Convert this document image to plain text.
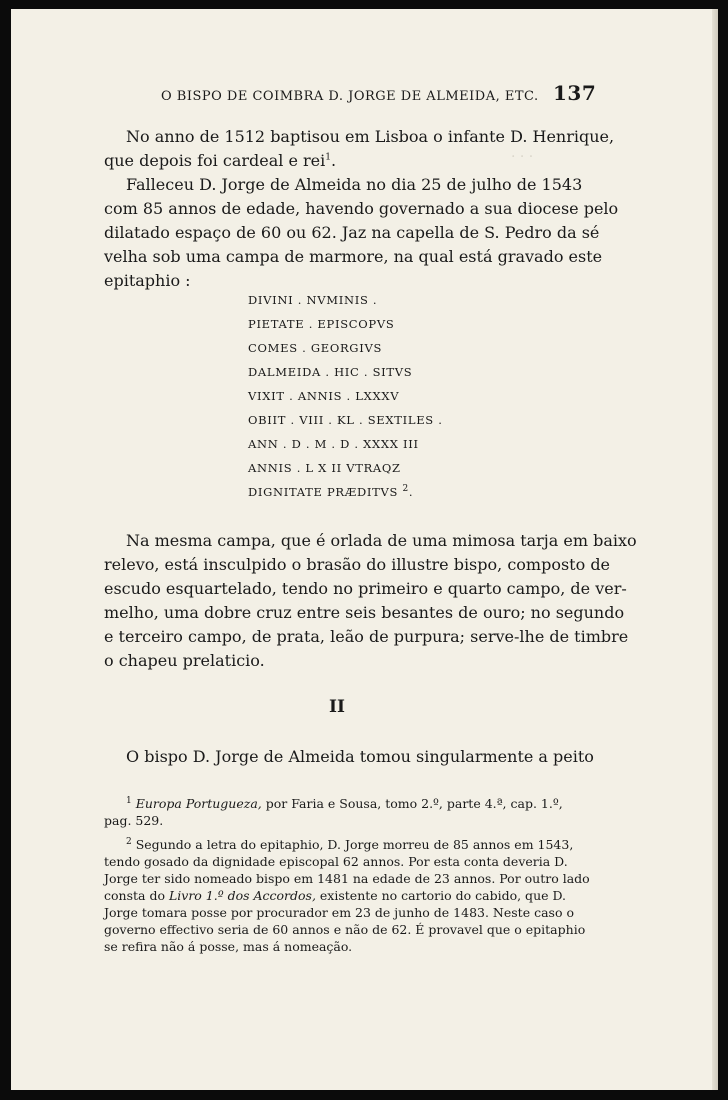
· · ·
O BISPO DE COIMBRA D. JORGE DE ALMEIDA, ETC. 137
No anno de 1512 baptisou em Lisboa o infante D. Henrique,
que depois foi cardeal e rei$^1$.
Falleceu D. Jorge de Almeida no dia 25 de julho de 1543
com 85 annos de edade, havendo governado a sua diocese pelo
dilatado espaço de 60 ou 62. Jaz na capella de S. Pedro da sé
velha sob uma campa de marmore, na qual está gravado este
epitaphio :
DIVINI . NVMINIS .
PIETATE . EPISCOPVS
COMES . GEORGIVS
DALMEIDA . HIC . SITVS
VIXIT . ANNIS . LXXXV
OBIIT . VIII . KL . SEXTILES .
ANN . D . M . D . XXXX III
ANNIS . L X II VTRAQZ
DIGNITATE PRÆDITVS $^2$.
Na mesma campa, que é orlada de uma mimosa tarja em baixo
relevo, está insculpido o brasão do illustre bispo, composto de
escudo esquartelado, tendo no primeiro e quarto campo, de ver-
melho, uma dobre cruz entre seis besantes de ouro; no segundo
e terceiro campo, de prata, leão de purpura; serve-lhe de timbre
o chapeu prelaticio.
II
O bispo D. Jorge de Almeida tomou singularmente a peito
$^1$ Europa Portugueza, por Faria e Sousa, tomo 2.º, parte 4.ª, cap. 1.º,
pag. 529.
$^2$ Segundo a letra do epitaphio, D. Jorge morreu de 85 annos em 1543,
tendo gosado da dignidade episcopal 62 annos. Por esta conta deveria D.
Jorge ter sido nomeado bispo em 1481 na edade de 23 annos. Por outro lado
consta do Livro 1.º dos Accordos, existente no cartorio do cabido, que D.
Jorge tomara posse por procurador em 23 de junho de 1483. Neste caso o
governo effectivo seria de 60 annos e não de 62. É provavel que o epitaphio
se refira não á posse, mas á nomeação.
